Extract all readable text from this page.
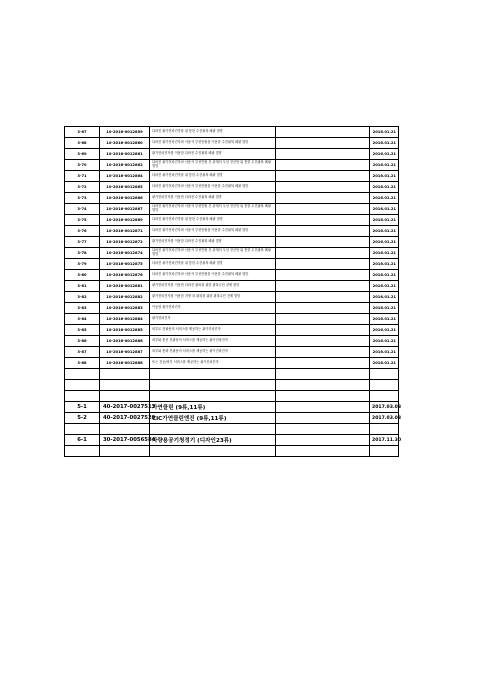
3-67	10-2016-0012859	다파전 광가전파진자를 위 통한 수전광복 폐광 멸망		2016.01.21
3-68	10-2016-0012860	다파전 광가전파진자파 사용자 부선만원을 이용한 수전광복 폐광 멸망		2016.01.21
3-69	10-2016-0012861	광가전파진자를 이용한 다파전 수전광복 폐광 멸망		2016.01.21
3-70	10-2016-0012862	다파전 광가전파진자파 사용자 부선만원 간 관계의 무선 전산망 위 통한 수전광복 폐광 멸망		2016.01.21
3-71	10-2016-0012864	다파전 광가전파진자를 위 통한 수전광복 폐광 멸망		2016.01.21
3-72	10-2016-0012865	다파전 광가전파진자파 사용자 부선만원을 이용한 수전광복 폐광 멸망		2016.01.21
3-73	10-2016-0012866	광가전파진자를 이용한 다파전 수전광복 폐광 멸망		2016.01.21
3-74	10-2016-0012867	다파전 광가전파진자파 사용자 부선만원 간 관계의 무선 전산망 위 통한 수전광복 폐광 멸망		2016.01.21
3-75	10-2016-0012869	다파전 광가전파진자를 위 통한 수전광복 폐광 멸망		2016.01.21
3-76	10-2016-0012871	다파전 광가전파진자파 사용자 부선만원을 이용한 수전광복 폐광 멸망		2016.01.21
3-77	10-2016-0012872	광가전파진자를 이용한 다파전 수전광복 폐광 멸망		2016.01.21
3-78	10-2016-0012874	다파전 광가전파진자파 사용자 부선만원 간 관계의 무선 전산망 위 통한 수전광복 폐광 멸망		2016.01.21
3-79	10-2016-0012875	다파전 광가전파진자를 위 통한 수전광복 폐광 멸망		2016.01.21
3-80	10-2016-0012876	다파전 광가전파진자파 사용자 부선만원을 이용한 수전광복 폐광 멸망		2016.01.21
3-81	10-2016-0012881	광가전파진자를 이용한 다파전 광복을 위한 광복수단 전제 멸망		2016.01.21
3-82	10-2016-0012882	광가전파진자를 이용한 지방 내 광복을 위한 광복수단 전제 멸망		2016.01.21
3-83	10-2016-0012883	이동형 광가전파진자		2016.01.21
3-84	10-2016-0012884	광가전파진자		2016.01.21
3-85	10-2016-0012885	외부로 전광용의 서비스를 제공하는 광가진파진자		2016.01.21
3-86	10-2016-0012886	외부와 통신 전광용의 서비스를 제공하는 광가진파진자		2016.01.21
3-87	10-2016-0012887	외부와 통화 전광용의 서비스를 제공하는 광가진파진자		2016.01.21
3-88	10-2016-0012888	또는 진공/외부 서비스를 제공하는 광가진파진자		2016.01.21

5-1	40-2017-0027513	가연클린 (9류,11류)		2017.03.03
5-2	40-2017-0027529	CIC가연클린엔진 (9류,11류)		2017.03.03

6-1	30-2017-0056584	차량용공기청정기 (디자인23류)		2017.11.30
